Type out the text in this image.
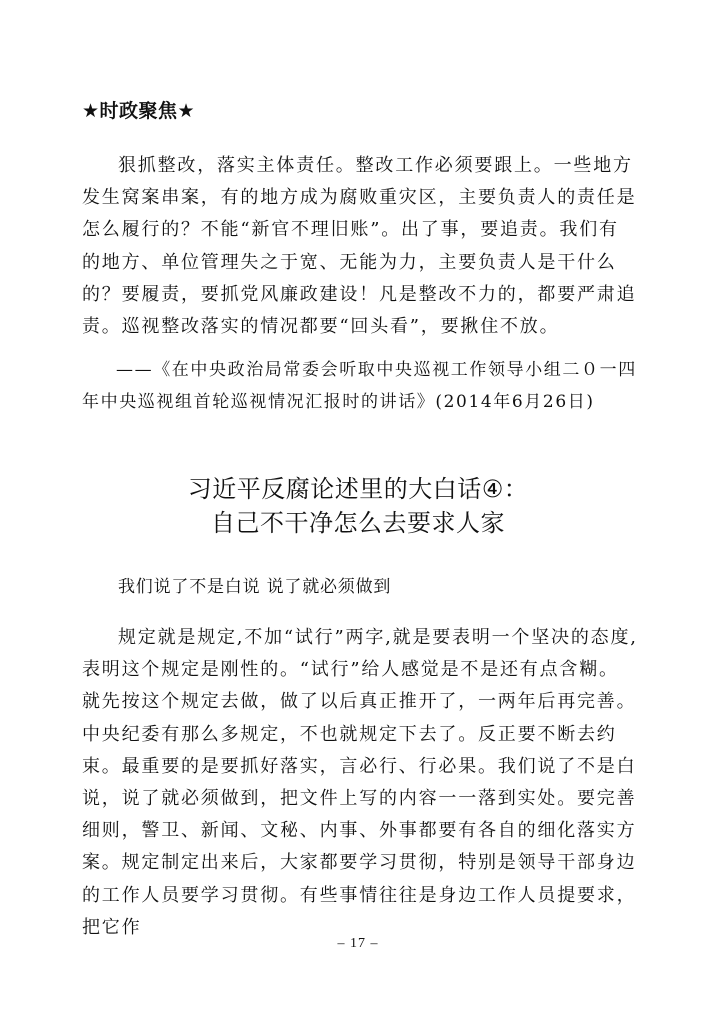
★时政聚焦★

狠抓整改，落实主体责任。整改工作必须要跟上。一些地方发生窝案串案，有的地方成为腐败重灾区，主要负责人的责任是怎么履行的？不能“新官不理旧账”。出了事，要追责。我们有的地方、单位管理失之于宽、无能为力，主要负责人是干什么的？要履责，要抓党风廉政建设！凡是整改不力的，都要严肃追责。巡视整改落实的情况都要“回头看”，要揪住不放。

——《在中央政治局常委会听取中央巡视工作领导小组二０一四年中央巡视组首轮巡视情况汇报时的讲话》(2014年6月26日)

习近平反腐论述里的大白话④：
自己不干净怎么去要求人家
我们说了不是白说 说了就必须做到

规定就是规定,不加“试行”两字,就是要表明一个坚决的态度,表明这个规定是刚性的。“试行”给人感觉是不是还有点含糊。就先按这个规定去做，做了以后真正推开了，一两年后再完善。中央纪委有那么多规定，不也就规定下去了。反正要不断去约束。最重要的是要抓好落实，言必行、行必果。我们说了不是白说，说了就必须做到，把文件上写的内容一一落到实处。要完善细则，警卫、新闻、文秘、内事、外事都要有各自的细化落实方案。规定制定出来后，大家都要学习贯彻，特别是领导干部身边的工作人员要学习贯彻。有些事情往往是身边工作人员提要求，把它作

– 17 –
